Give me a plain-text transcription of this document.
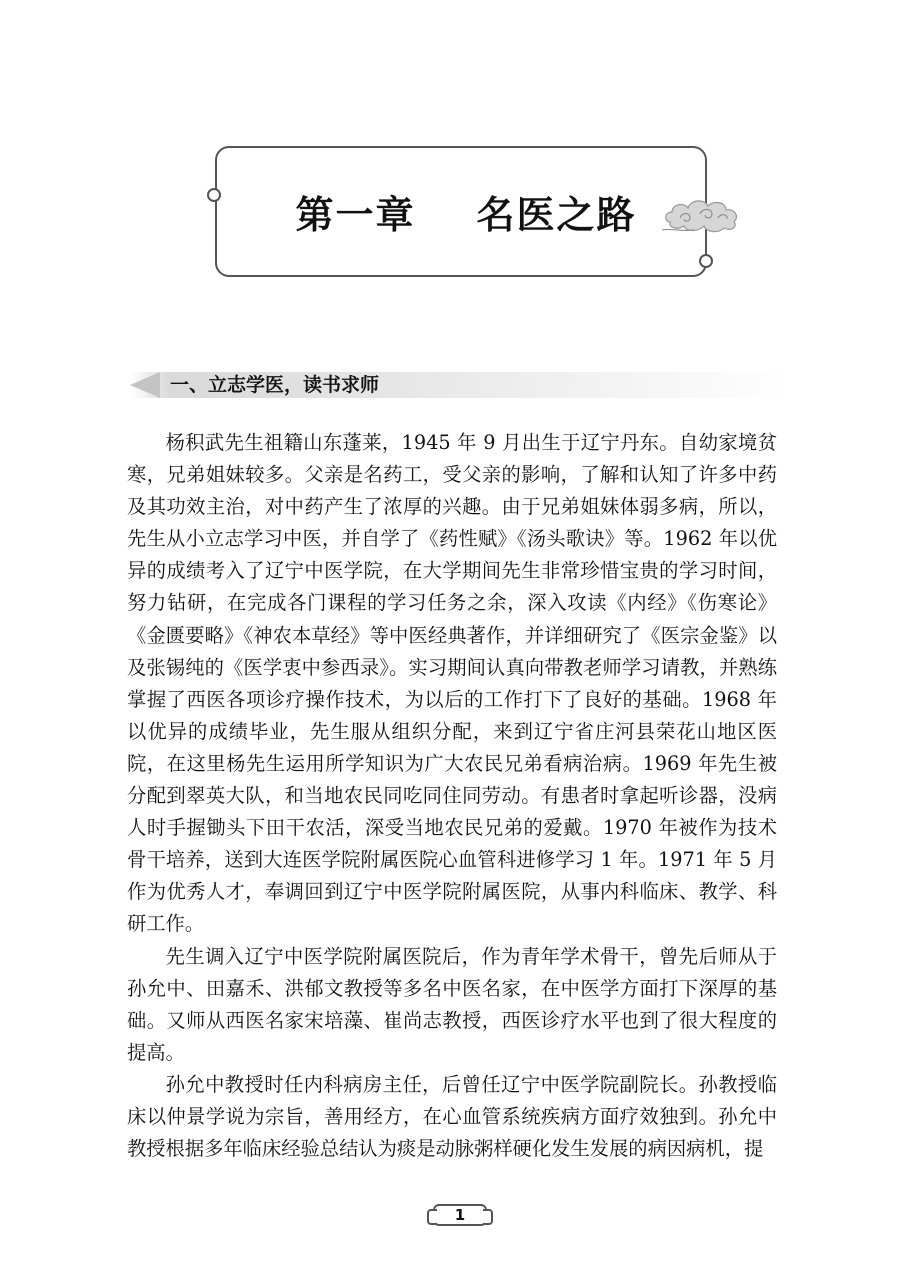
第一章    名医之路
一、立志学医，读书求师

杨积武先生祖籍山东蓬莱，1945 年 9 月出生于辽宁丹东。自幼家境贫寒，兄弟姐妹较多。父亲是名药工，受父亲的影响，了解和认知了许多中药及其功效主治，对中药产生了浓厚的兴趣。由于兄弟姐妹体弱多病，所以，先生从小立志学习中医，并自学了《药性赋》《汤头歌诀》等。1962 年以优异的成绩考入了辽宁中医学院，在大学期间先生非常珍惜宝贵的学习时间，努力钻研，在完成各门课程的学习任务之余，深入攻读《内经》《伤寒论》《金匮要略》《神农本草经》等中医经典著作，并详细研究了《医宗金鉴》以及张锡纯的《医学衷中参西录》。实习期间认真向带教老师学习请教，并熟练掌握了西医各项诊疗操作技术，为以后的工作打下了良好的基础。1968 年以优异的成绩毕业，先生服从组织分配，来到辽宁省庄河县荣花山地区医院，在这里杨先生运用所学知识为广大农民兄弟看病治病。1969 年先生被分配到翠英大队，和当地农民同吃同住同劳动。有患者时拿起听诊器，没病人时手握锄头下田干农活，深受当地农民兄弟的爱戴。1970 年被作为技术骨干培养，送到大连医学院附属医院心血管科进修学习 1 年。1971 年 5 月作为优秀人才，奉调回到辽宁中医学院附属医院，从事内科临床、教学、科研工作。

先生调入辽宁中医学院附属医院后，作为青年学术骨干，曾先后师从于孙允中、田嘉禾、洪郁文教授等多名中医名家，在中医学方面打下深厚的基础。又师从西医名家宋培藻、崔尚志教授，西医诊疗水平也到了很大程度的提高。

孙允中教授时任内科病房主任，后曾任辽宁中医学院副院长。孙教授临床以仲景学说为宗旨，善用经方，在心血管系统疾病方面疗效独到。孙允中教授根据多年临床经验总结认为痰是动脉粥样硬化发生发展的病因病机，提

1
